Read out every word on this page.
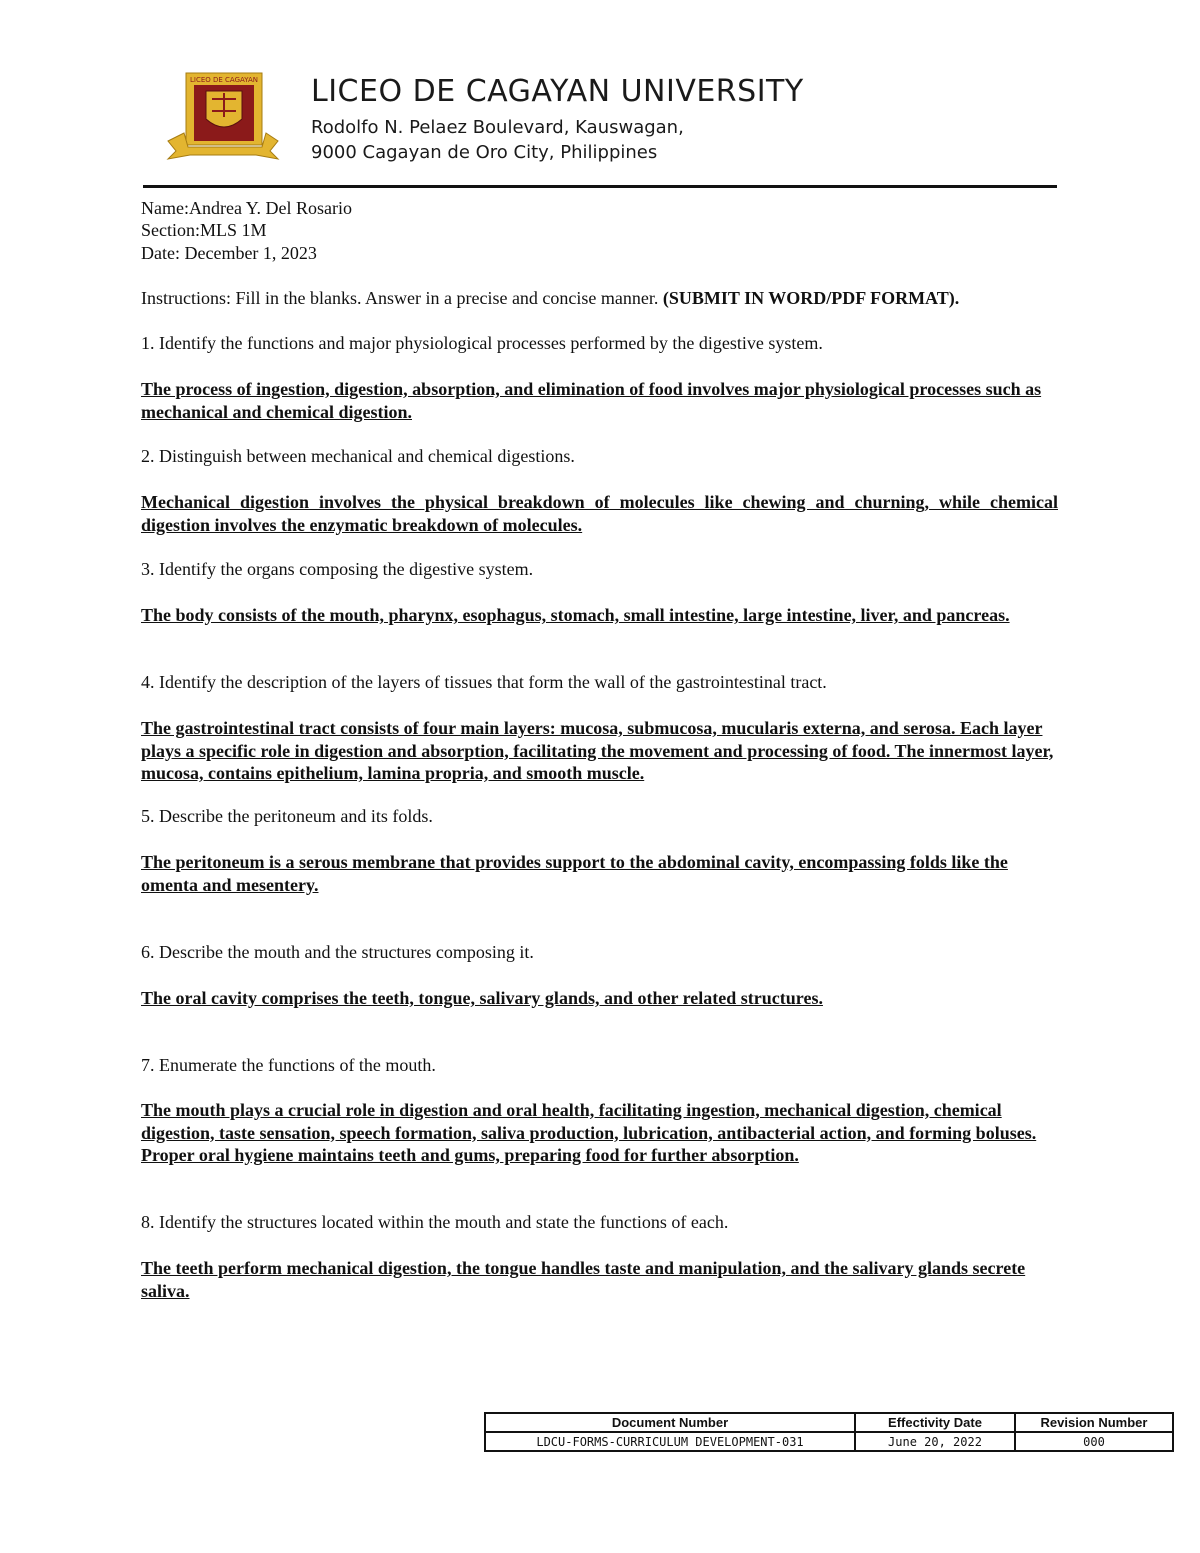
LICEO DE CAGAYAN LICEO DE CAGAYAN UNIVERSITY
Rodolfo N. Pelaez Boulevard, Kauswagan,
9000 Cagayan de Oro City, Philippines
Name:Andrea Y. Del Rosario
Section:MLS 1M
Date: December 1, 2023
Instructions: Fill in the blanks. Answer in a precise and concise manner. (SUBMIT IN WORD/PDF FORMAT).
1. Identify the functions and major physiological processes performed by the digestive system.
The process of ingestion, digestion, absorption, and elimination of food involves major physiological processes such as mechanical and chemical digestion.
2. Distinguish between mechanical and chemical digestions.
Mechanical digestion involves the physical breakdown of molecules like chewing and churning, while chemical digestion involves the enzymatic breakdown of molecules.
3. Identify the organs composing the digestive system.
The body consists of the mouth, pharynx, esophagus, stomach, small intestine, large intestine, liver, and pancreas.
4. Identify the description of the layers of tissues that form the wall of the gastrointestinal tract.
The gastrointestinal tract consists of four main layers: mucosa, submucosa, mucularis externa, and serosa. Each layer plays a specific role in digestion and absorption, facilitating the movement and processing of food. The innermost layer, mucosa, contains epithelium, lamina propria, and smooth muscle.
5. Describe the peritoneum and its folds.
The peritoneum is a serous membrane that provides support to the abdominal cavity, encompassing folds like the omenta and mesentery.
6. Describe the mouth and the structures composing it.
The oral cavity comprises the teeth, tongue, salivary glands, and other related structures.
7. Enumerate the functions of the mouth.
The mouth plays a crucial role in digestion and oral health, facilitating ingestion, mechanical digestion, chemical digestion, taste sensation, speech formation, saliva production, lubrication, antibacterial action, and forming boluses. Proper oral hygiene maintains teeth and gums, preparing food for further absorption.
8. Identify the structures located within the mouth and state the functions of each.
The teeth perform mechanical digestion, the tongue handles taste and manipulation, and the salivary glands secrete saliva.
Document Number	Effectivity Date	Revision Number
LDCU-FORMS-CURRICULUM DEVELOPMENT-031	June 20, 2022	000
